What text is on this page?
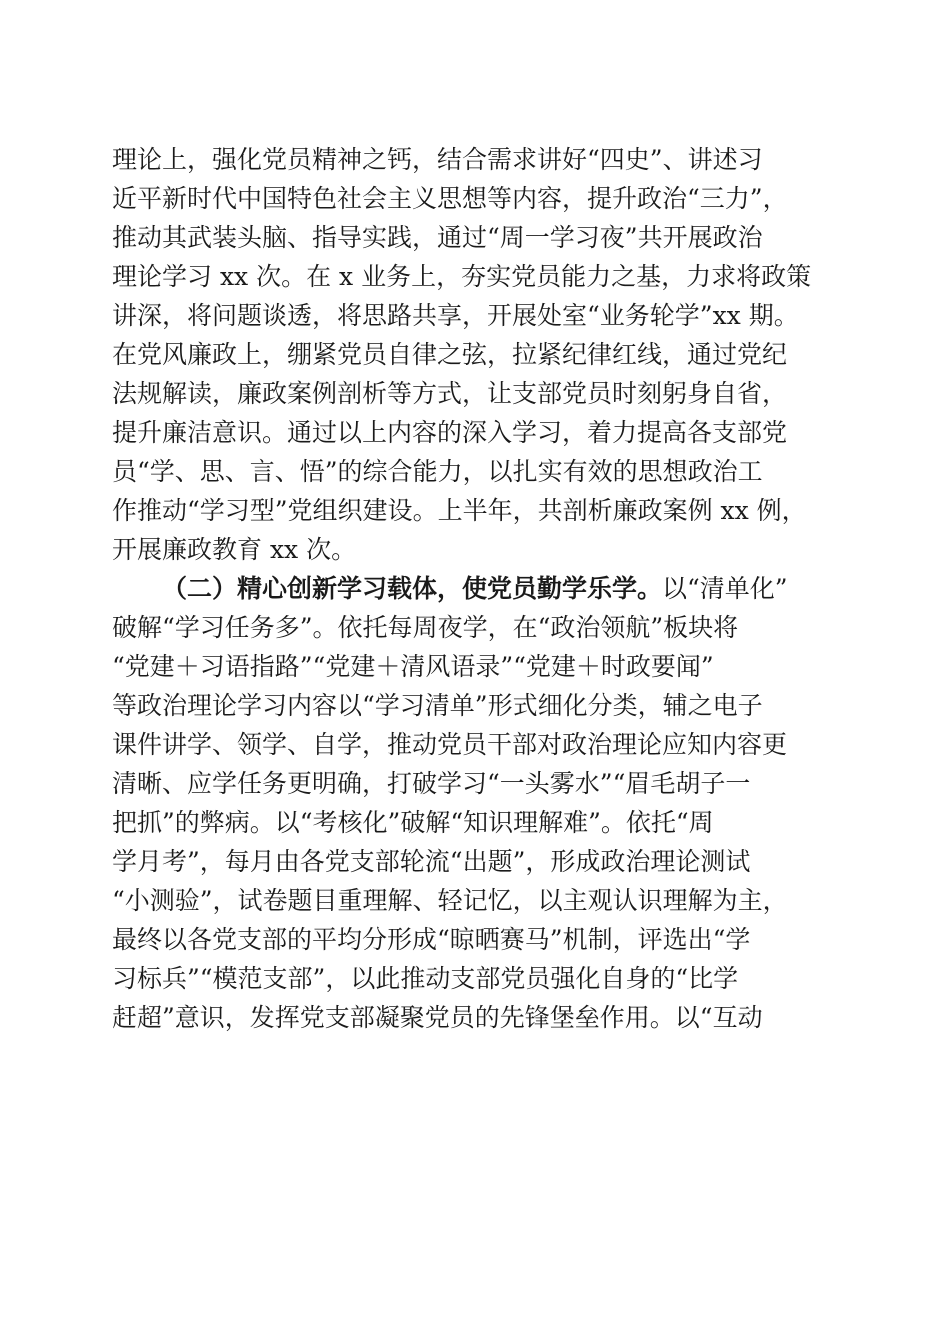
理论上，强化党员精神之钙，结合需求讲好“四史”、讲述习
近平新时代中国特色社会主义思想等内容，提升政治“三力”，
推动其武装头脑、指导实践，通过“周一学习夜”共开展政治
理论学习 xx 次。在 x 业务上，夯实党员能力之基，力求将政策
讲深，将问题谈透，将思路共享，开展处室“业务轮学”xx 期。
在党风廉政上，绷紧党员自律之弦，拉紧纪律红线，通过党纪
法规解读，廉政案例剖析等方式，让支部党员时刻躬身自省，
提升廉洁意识。通过以上内容的深入学习，着力提高各支部党
员“学、思、言、悟”的综合能力，以扎实有效的思想政治工
作推动“学习型”党组织建设。上半年，共剖析廉政案例 xx 例，
开展廉政教育 xx 次。
（二）精心创新学习载体，使党员勤学乐学。以“清单化”
破解“学习任务多”。依托每周夜学，在“政治领航”板块将
“党建＋习语指路”“党建＋清风语录”“党建＋时政要闻”
等政治理论学习内容以“学习清单”形式细化分类，辅之电子
课件讲学、领学、自学，推动党员干部对政治理论应知内容更
清晰、应学任务更明确，打破学习“一头雾水”“眉毛胡子一
把抓”的弊病。以“考核化”破解“知识理解难”。依托“周
学月考”，每月由各党支部轮流“出题”，形成政治理论测试
“小测验”，试卷题目重理解、轻记忆，以主观认识理解为主，
最终以各党支部的平均分形成“晾晒赛马”机制，评选出“学
习标兵”“模范支部”，以此推动支部党员强化自身的“比学
赶超”意识，发挥党支部凝聚党员的先锋堡垒作用。以“互动
